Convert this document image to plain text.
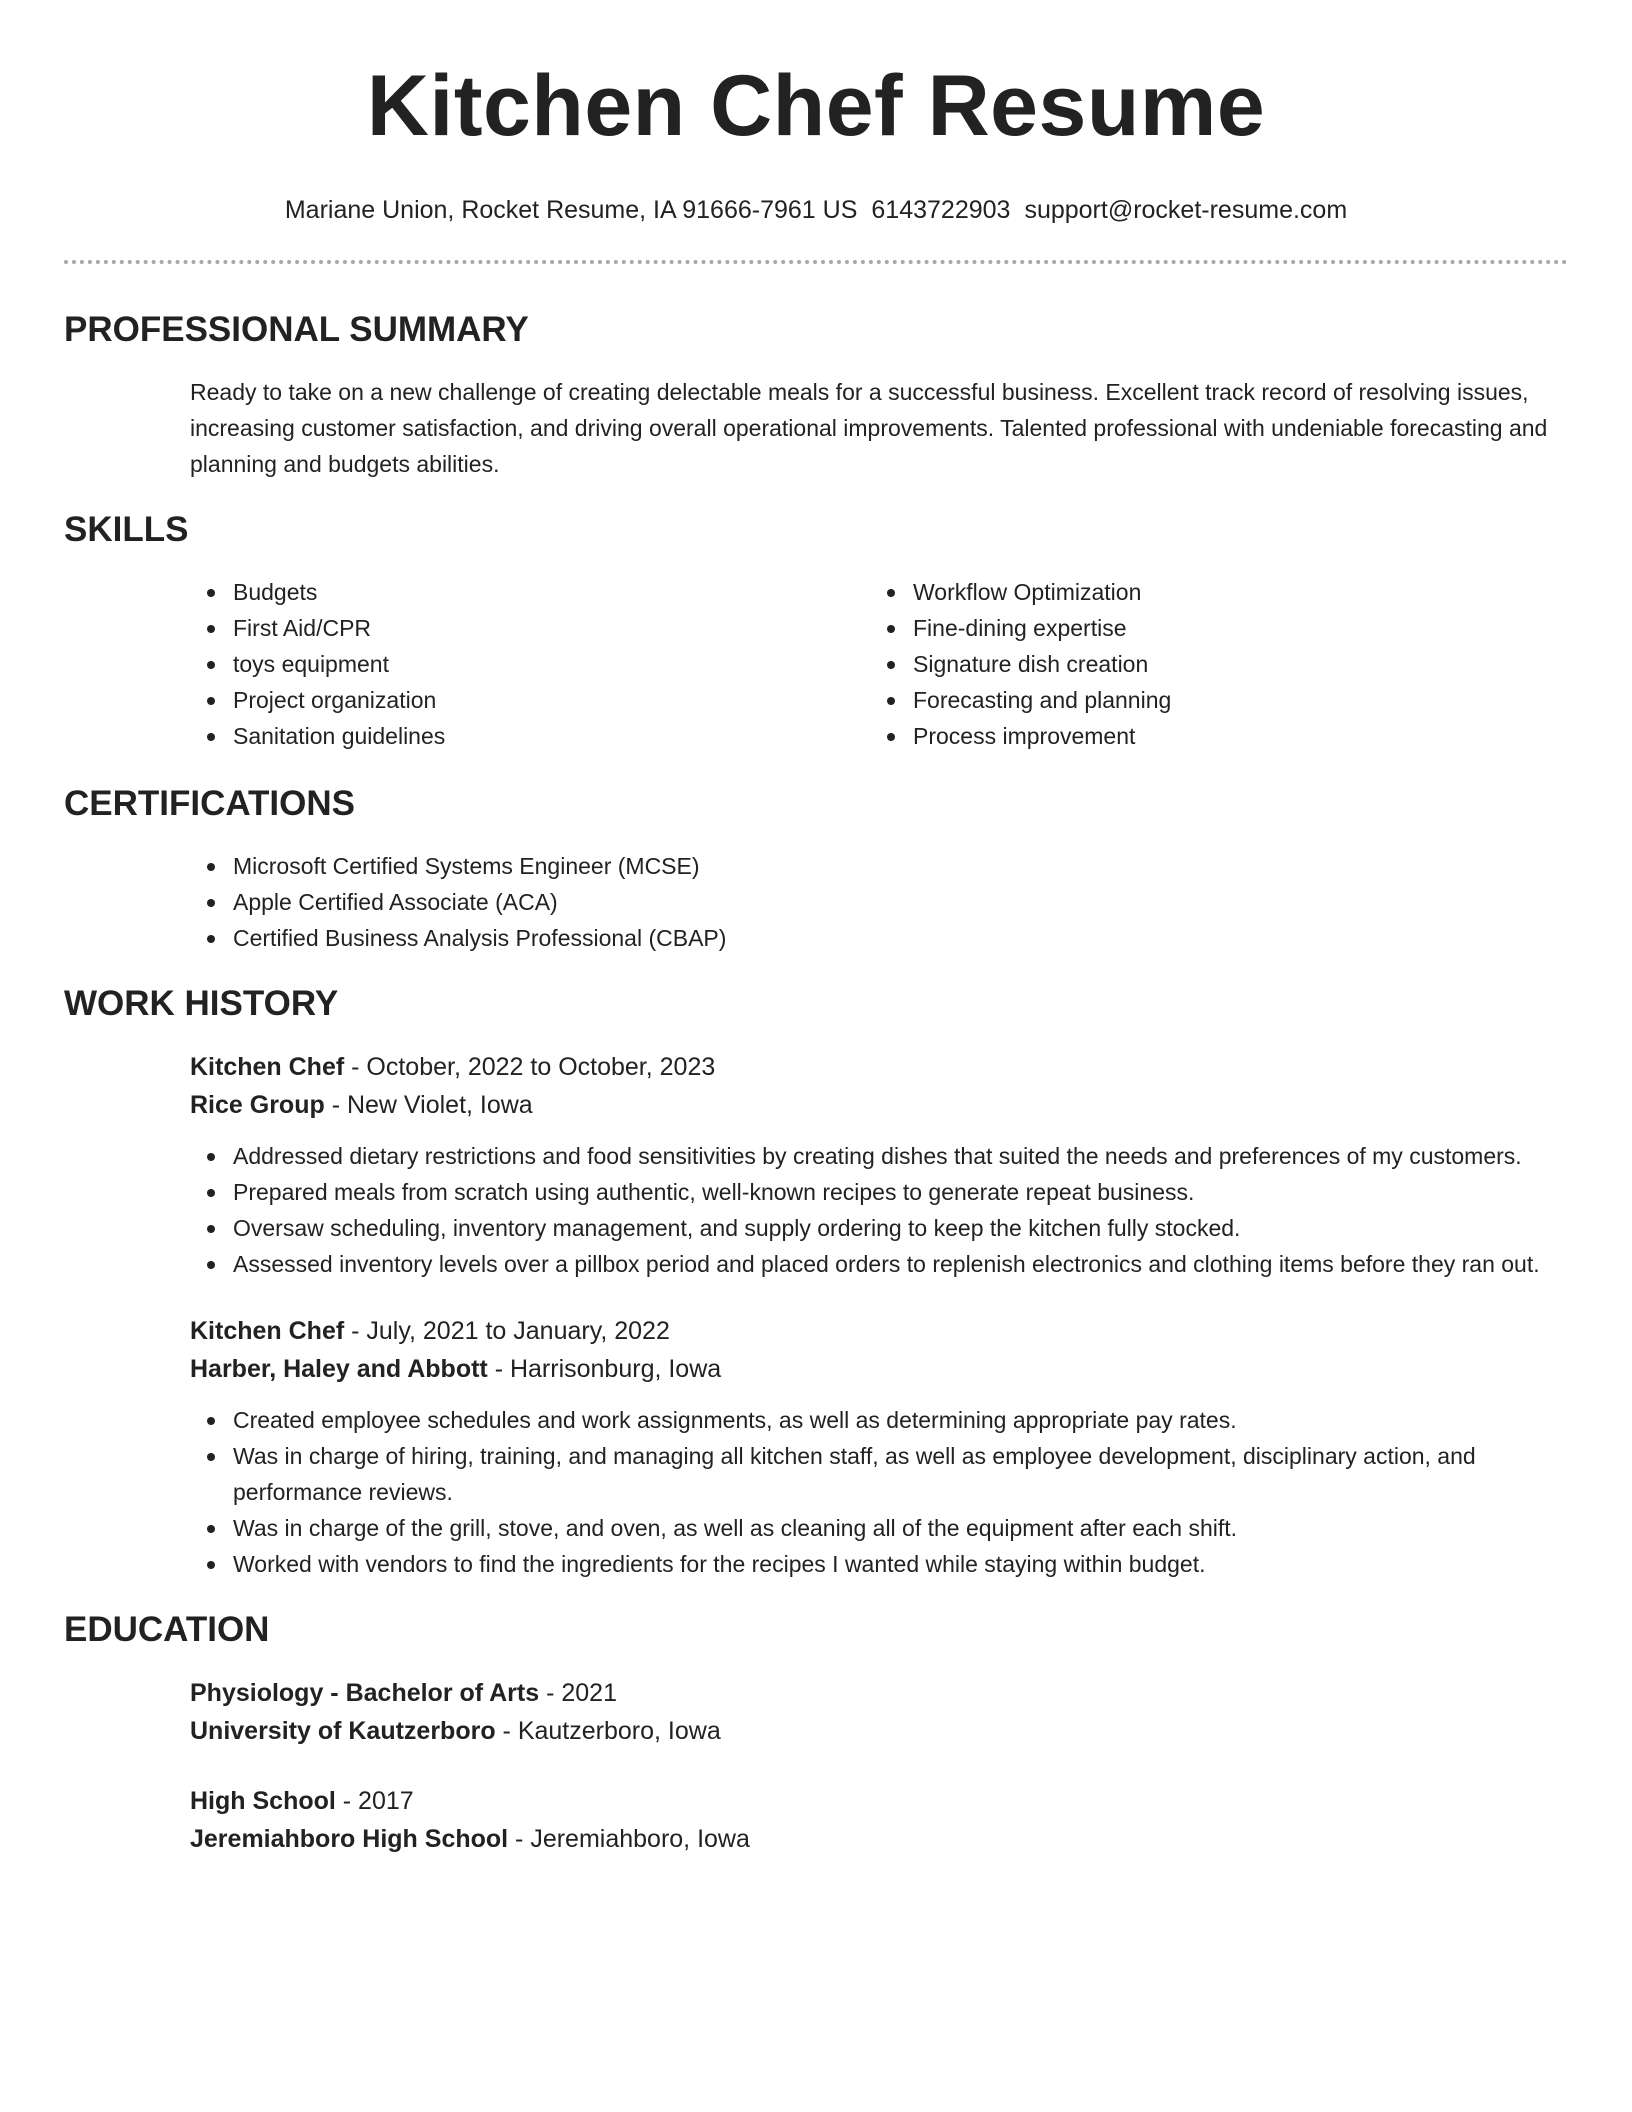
Kitchen Chef Resume
Mariane Union, Rocket Resume, IA 91666-7961 US 6143722903 support@rocket-resume.com
PROFESSIONAL SUMMARY
Ready to take on a new challenge of creating delectable meals for a successful business. Excellent track record of resolving issues, increasing customer satisfaction, and driving overall operational improvements. Talented professional with undeniable forecasting and planning and budgets abilities.
SKILLS
Budgets
First Aid/CPR
toys equipment
Project organization
Sanitation guidelines
Workflow Optimization
Fine-dining expertise
Signature dish creation
Forecasting and planning
Process improvement
CERTIFICATIONS
Microsoft Certified Systems Engineer (MCSE)
Apple Certified Associate (ACA)
Certified Business Analysis Professional (CBAP)
WORK HISTORY
Kitchen Chef - October, 2022 to October, 2023
Rice Group - New Violet, Iowa
Addressed dietary restrictions and food sensitivities by creating dishes that suited the needs and preferences of my customers.
Prepared meals from scratch using authentic, well-known recipes to generate repeat business.
Oversaw scheduling, inventory management, and supply ordering to keep the kitchen fully stocked.
Assessed inventory levels over a pillbox period and placed orders to replenish electronics and clothing items before they ran out.
Kitchen Chef - July, 2021 to January, 2022
Harber, Haley and Abbott - Harrisonburg, Iowa
Created employee schedules and work assignments, as well as determining appropriate pay rates.
Was in charge of hiring, training, and managing all kitchen staff, as well as employee development, disciplinary action, and performance reviews.
Was in charge of the grill, stove, and oven, as well as cleaning all of the equipment after each shift.
Worked with vendors to find the ingredients for the recipes I wanted while staying within budget.
EDUCATION
Physiology - Bachelor of Arts - 2021
University of Kautzerboro - Kautzerboro, Iowa
High School - 2017
Jeremiahboro High School - Jeremiahboro, Iowa
